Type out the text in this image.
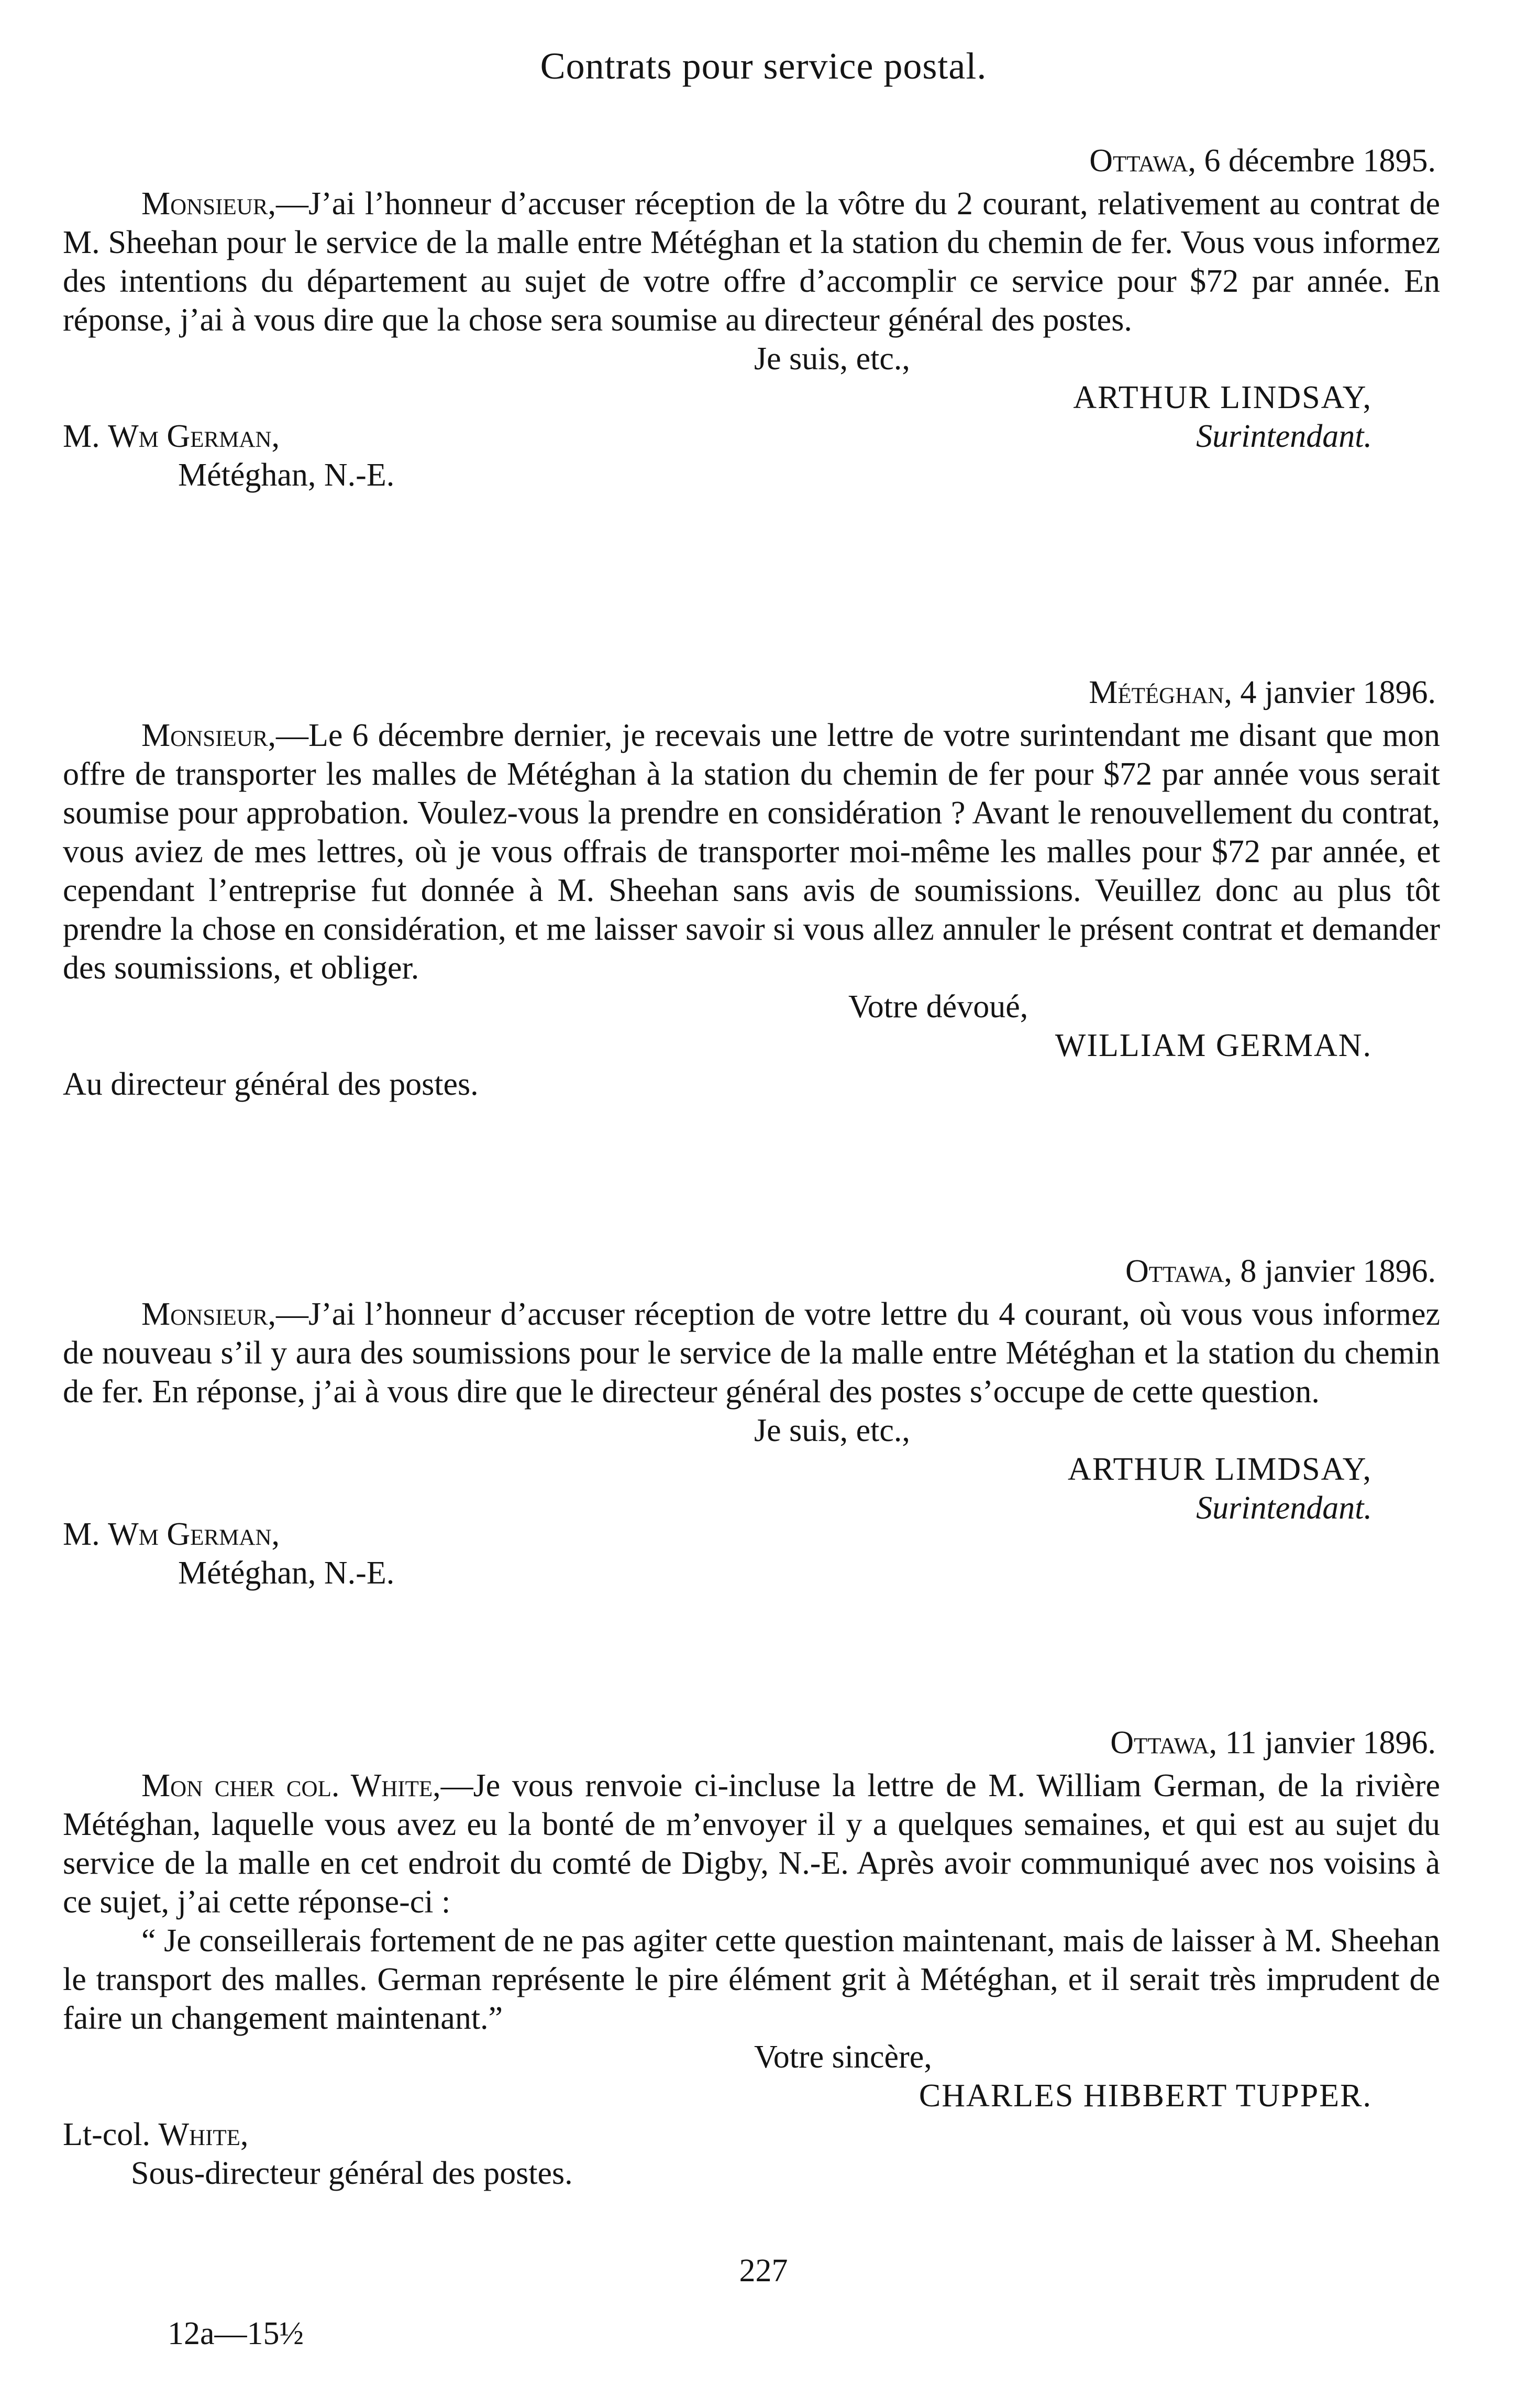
Contrats pour service postal.
Ottawa, 6 décembre 1895.

Monsieur,—J’ai l’honneur d’accuser réception de la vôtre du 2 courant, relativement au contrat de M. Sheehan pour le service de la malle entre Météghan et la station du chemin de fer. Vous vous informez des intentions du département au sujet de votre offre d’accomplir ce service pour $72 par année. En réponse, j’ai à vous dire que la chose sera soumise au directeur général des postes.

Je suis, etc.,
ARTHUR LINDSAY,
Surintendant.
M. Wm German,
Météghan, N.-E.
Météghan, 4 janvier 1896.

Monsieur,—Le 6 décembre dernier, je recevais une lettre de votre surintendant me disant que mon offre de transporter les malles de Météghan à la station du chemin de fer pour $72 par année vous serait soumise pour approbation. Voulez-vous la prendre en considération ? Avant le renouvellement du contrat, vous aviez de mes lettres, où je vous offrais de transporter moi-même les malles pour $72 par année, et cependant l’entreprise fut donnée à M. Sheehan sans avis de soumissions. Veuillez donc au plus tôt prendre la chose en considération, et me laisser savoir si vous allez annuler le présent contrat et demander des soumissions, et obliger.

Votre dévoué,
WILLIAM GERMAN.
Au directeur général des postes.
Ottawa, 8 janvier 1896.

Monsieur,—J’ai l’honneur d’accuser réception de votre lettre du 4 courant, où vous vous informez de nouveau s’il y aura des soumissions pour le service de la malle entre Météghan et la station du chemin de fer. En réponse, j’ai à vous dire que le directeur général des postes s’occupe de cette question.

Je suis, etc.,
ARTHUR LIMDSAY,
Surintendant.
M. Wm German,
Météghan, N.-E.
Ottawa, 11 janvier 1896.

Mon cher col. White,—Je vous renvoie ci-incluse la lettre de M. William German, de la rivière Météghan, laquelle vous avez eu la bonté de m’envoyer il y a quelques semaines, et qui est au sujet du service de la malle en cet endroit du comté de Digby, N.-E. Après avoir communiqué avec nos voisins à ce sujet, j’ai cette réponse-ci :

“ Je conseillerais fortement de ne pas agiter cette question maintenant, mais de laisser à M. Sheehan le transport des malles. German représente le pire élément grit à Météghan, et il serait très imprudent de faire un changement maintenant.”

Votre sincère,
CHARLES HIBBERT TUPPER.
Lt-col. White,
Sous-directeur général des postes.
227
12a—15½
